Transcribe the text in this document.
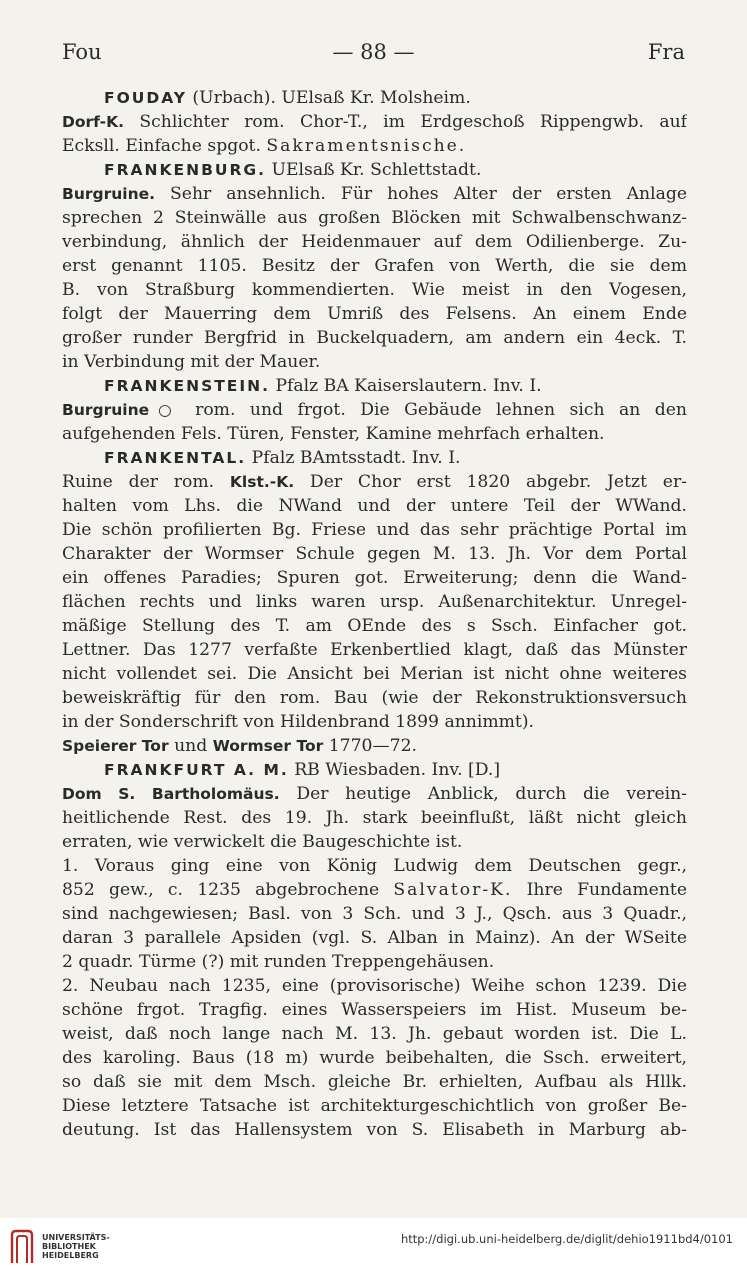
Fou	— 88 —	Fra
FOUDAY (Urbach). UElsaß Kr. Molsheim.
Dorf-K. Schlichter rom. Chor-T., im Erdgeschoß Rippengwb. auf
Ecksll. Einfache spgot. Sakramentsnische.
FRANKENBURG. UElsaß Kr. Schlettstadt.
Burgruine. Sehr ansehnlich. Für hohes Alter der ersten Anlage
sprechen 2 Steinwälle aus großen Blöcken mit Schwalbenschwanz-
verbindung, ähnlich der Heidenmauer auf dem Odilienberge. Zu-
erst genannt 1105. Besitz der Grafen von Werth, die sie dem
B. von Straßburg kommendierten. Wie meist in den Vogesen,
folgt der Mauerring dem Umriß des Felsens. An einem Ende
großer runder Bergfrid in Buckelquadern, am andern ein 4eck. T.
in Verbindung mit der Mauer.
FRANKENSTEIN. Pfalz BA Kaiserslautern. Inv. I.
Burgruine○ rom. und frgot. Die Gebäude lehnen sich an den
aufgehenden Fels. Türen, Fenster, Kamine mehrfach erhalten.
FRANKENTAL. Pfalz BAmtsstadt. Inv. I.
Ruine der rom. Klst.-K. Der Chor erst 1820 abgebr. Jetzt er-
halten vom Lhs. die NWand und der untere Teil der WWand.
Die schön profilierten Bg. Friese und das sehr prächtige Portal im
Charakter der Wormser Schule gegen M. 13. Jh. Vor dem Portal
ein offenes Paradies; Spuren got. Erweiterung; denn die Wand-
flächen rechts und links waren ursp. Außenarchitektur. Unregel-
mäßige Stellung des T. am OEnde des s Ssch. Einfacher got.
Lettner. Das 1277 verfaßte Erkenbertlied klagt, daß das Münster
nicht vollendet sei. Die Ansicht bei Merian ist nicht ohne weiteres
beweiskräftig für den rom. Bau (wie der Rekonstruktionsversuch
in der Sonderschrift von Hildenbrand 1899 annimmt).
Speierer Tor und Wormser Tor 1770—72.
FRANKFURT A. M. RB Wiesbaden. Inv. [D.]
Dom S. Bartholomäus. Der heutige Anblick, durch die verein-
heitlichende Rest. des 19. Jh. stark beeinflußt, läßt nicht gleich
erraten, wie verwickelt die Baugeschichte ist.
1. Voraus ging eine von König Ludwig dem Deutschen gegr.,
852 gew., c. 1235 abgebrochene Salvator-K. Ihre Fundamente
sind nachgewiesen; Basl. von 3 Sch. und 3 J., Qsch. aus 3 Quadr.,
daran 3 parallele Apsiden (vgl. S. Alban in Mainz). An der WSeite
2 quadr. Türme (?) mit runden Treppengehäusen.
2. Neubau nach 1235, eine (provisorische) Weihe schon 1239. Die
schöne frgot. Tragfig. eines Wasserspeiers im Hist. Museum be-
weist, daß noch lange nach M. 13. Jh. gebaut worden ist. Die L.
des karoling. Baus (18 m) wurde beibehalten, die Ssch. erweitert,
so daß sie mit dem Msch. gleiche Br. erhielten, Aufbau als Hllk.
Diese letztere Tatsache ist architekturgeschichtlich von großer Be-
deutung. Ist das Hallensystem von S. Elisabeth in Marburg ab-
UNIVERSITÄTS-
BIBLIOTHEK
HEIDELBERG
http://digi.ub.uni-heidelberg.de/diglit/dehio1911bd4/0101
